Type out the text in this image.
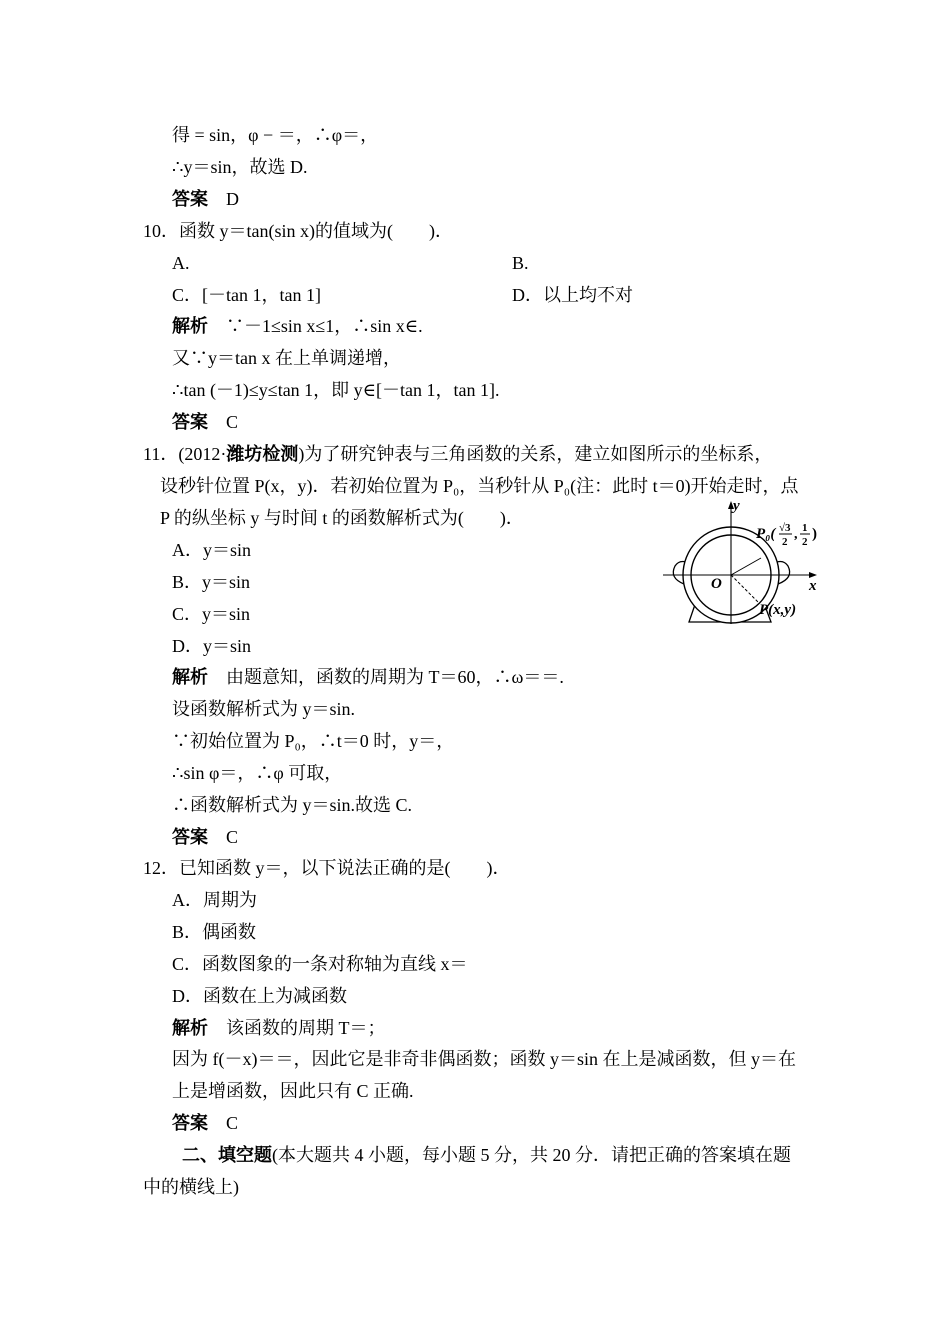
得 = sin，φ − ＝，∴φ＝，
∴y＝sin，故选 D.
答案　 D
10．函数 y＝tan(sin x)的值域为(　　)．
A.	B.
C．[－tan 1，tan 1]	D．以上均不对
解析　 ∵－1≤sin x≤1，∴sin x∈.
又∵y＝tan x 在上单调递增，
∴tan (－1)≤y≤tan 1，即 y∈[－tan 1，tan 1].
答案　 C
11．(2012·潍坊检测)为了研究钟表与三角函数的关系，建立如图所示的坐标系，
设秒针位置 P(x，y)．若初始位置为 P₀，当秒针从 P₀(注：此时 t＝0)开始走时，点
P 的纵坐标 y 与时间 t 的函数解析式为(　　)．
A．y＝sin
B．y＝sin
C．y＝sin
D．y＝sin
解析　 由题意知，函数的周期为 T＝60，∴ω＝＝.
设函数解析式为 y＝sin.
∵初始位置为 P₀，∴t＝0 时，y＝，
∴sin φ＝，∴φ 可取，
∴函数解析式为 y＝sin.故选 C.
答案　 C
12．已知函数 y＝，以下说法正确的是(　　)．
A．周期为
B．偶函数
C．函数图象的一条对称轴为直线 x＝
D．函数在上为减函数
解析　 该函数的周期 T＝；
因为 f(－x)＝＝，因此它是非奇非偶函数；函数 y＝sin 在上是减函数，但 y＝在
上是增函数，因此只有 C 正确.
答案　 C
二、填空题(本大题共 4 小题，每小题 5 分，共 20 分．请把正确的答案填在题
中的横线上)
y
x
O
P₀( √3
2 , 1
2 )
P(x,y)
